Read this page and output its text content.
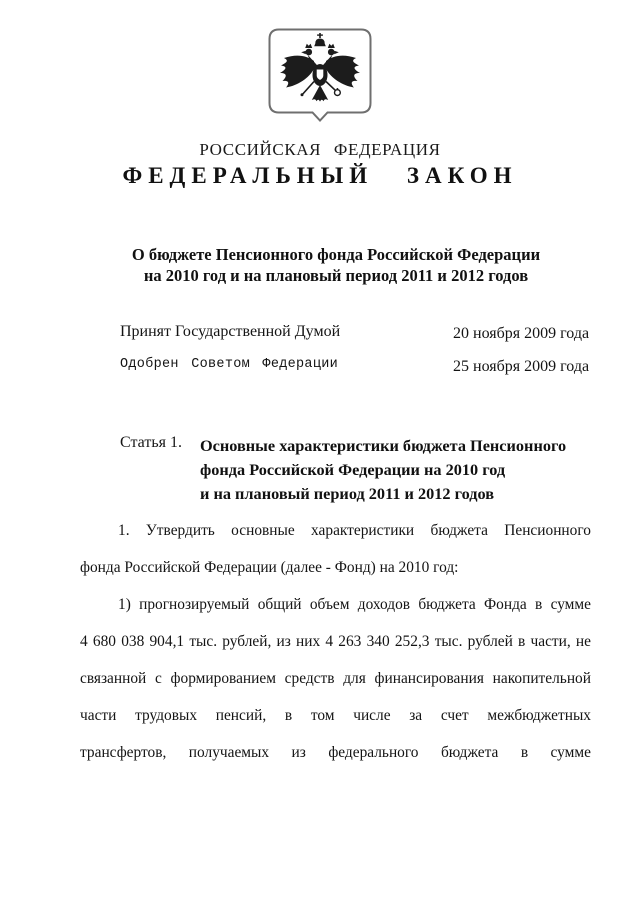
РОССИЙСКАЯ ФЕДЕРАЦИЯ
ФЕДЕРАЛЬНЫЙ ЗАКОН
О бюджете Пенсионного фонда Российской Федерации
на 2010 год и на плановый период 2011 и 2012 годов
Принят Государственной Думой	20 ноября 2009 года
Одобрен Советом Федерации	25 ноября 2009 года
Статья 1.	Основные характеристики бюджета Пенсионного
фонда Российской Федерации на 2010 год
и на плановый период 2011 и 2012 годов
1. Утвердить основные характеристики бюджета Пенсионного
фонда Российской Федерации (далее - Фонд) на 2010 год:
1) прогнозируемый общий объем доходов бюджета Фонда в сумме
4 680 038 904,1 тыс. рублей, из них 4 263 340 252,3 тыс. рублей в части, не
связанной с формированием средств для финансирования накопительной
части трудовых пенсий, в том числе за счет межбюджетных
трансфертов, получаемых из федерального бюджета в сумме
